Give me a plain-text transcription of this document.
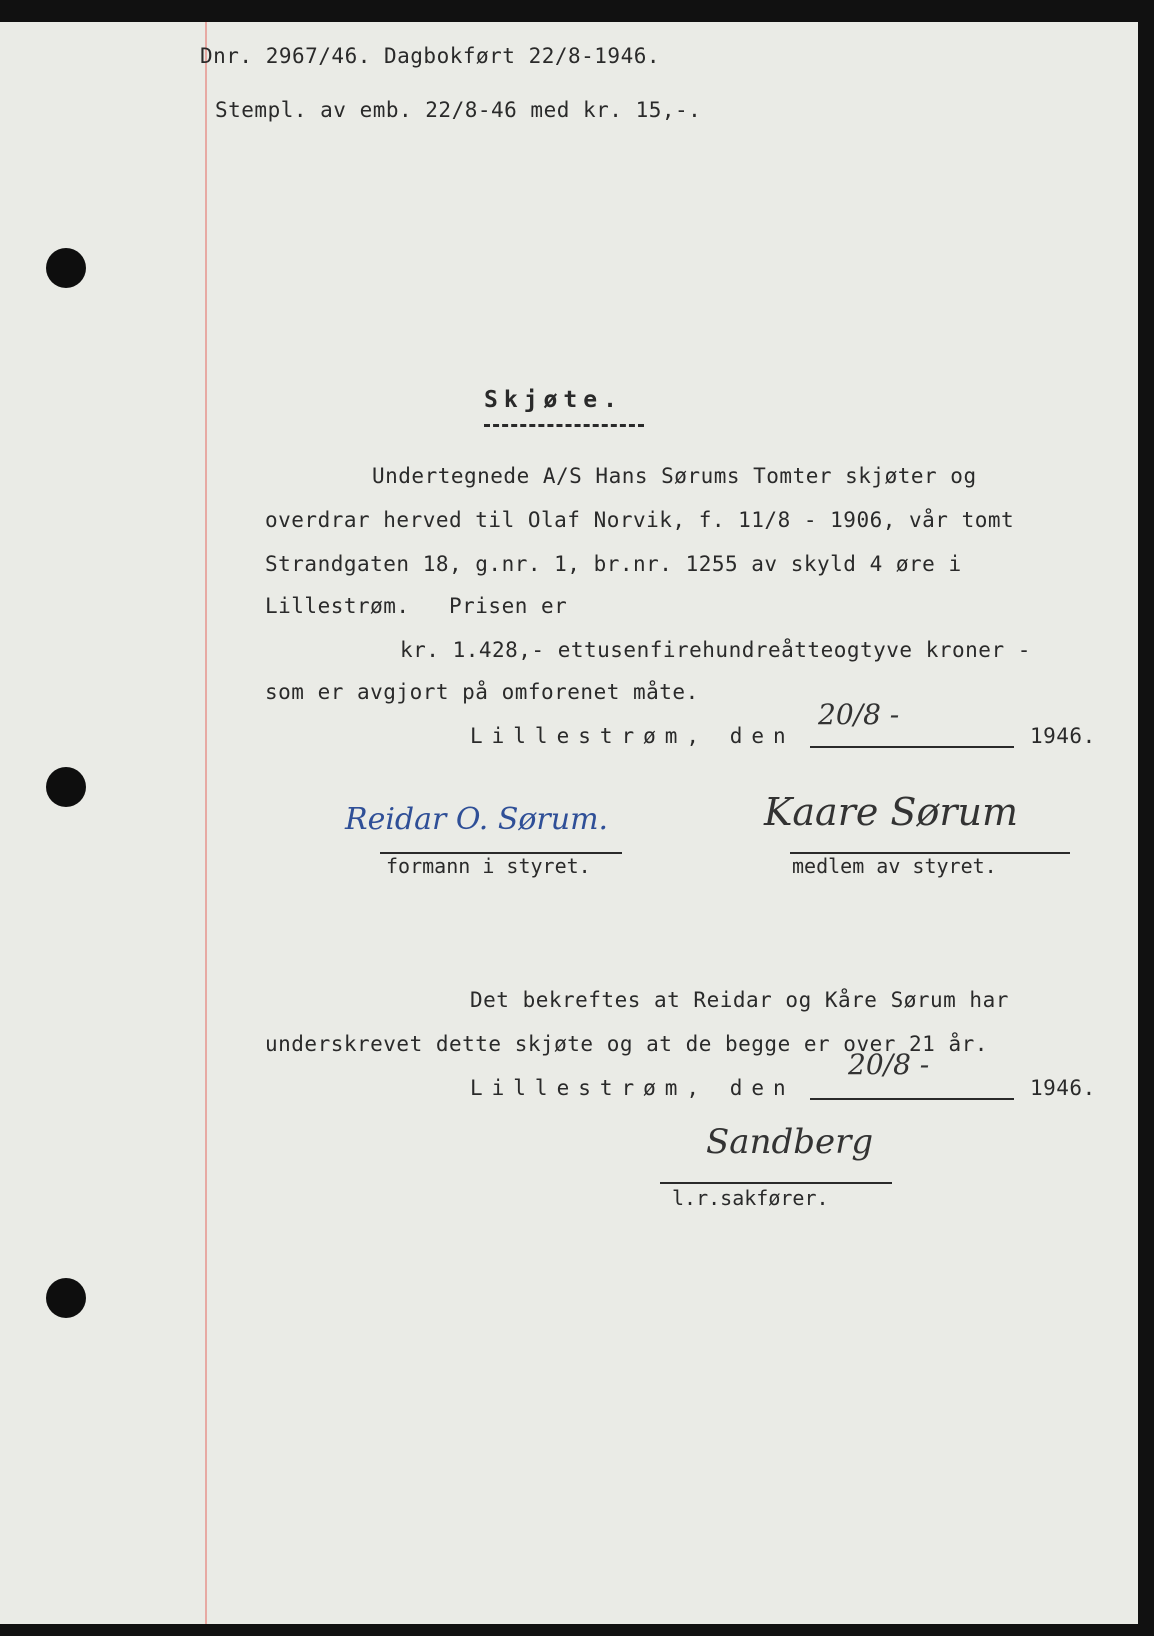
Dnr. 2967/46. Dagbokført 22/8-1946.
Stempl. av emb. 22/8-46 med kr. 15,-.
Skjøte.
Undertegnede A/S Hans Sørums Tomter skjøter og
overdrar herved til Olaf Norvik, f. 11/8 - 1906, vår tomt
Strandgaten 18, g.nr. 1, br.nr. 1255 av skyld 4 øre i
Lillestrøm.   Prisen er
kr. 1.428,- ettusenfirehundreåtteogtyve kroner -
som er avgjort på omforenet måte.
Lillestrøm, den
20/8 -
1946.
Reidar O. Sørum.
formann i styret.
Kaare Sørum
medlem av styret.
Det bekreftes at Reidar og Kåre Sørum har
underskrevet dette skjøte og at de begge er over 21 år.
Lillestrøm, den
20/8 -
1946.
Sandberg
l.r.sakfører.
